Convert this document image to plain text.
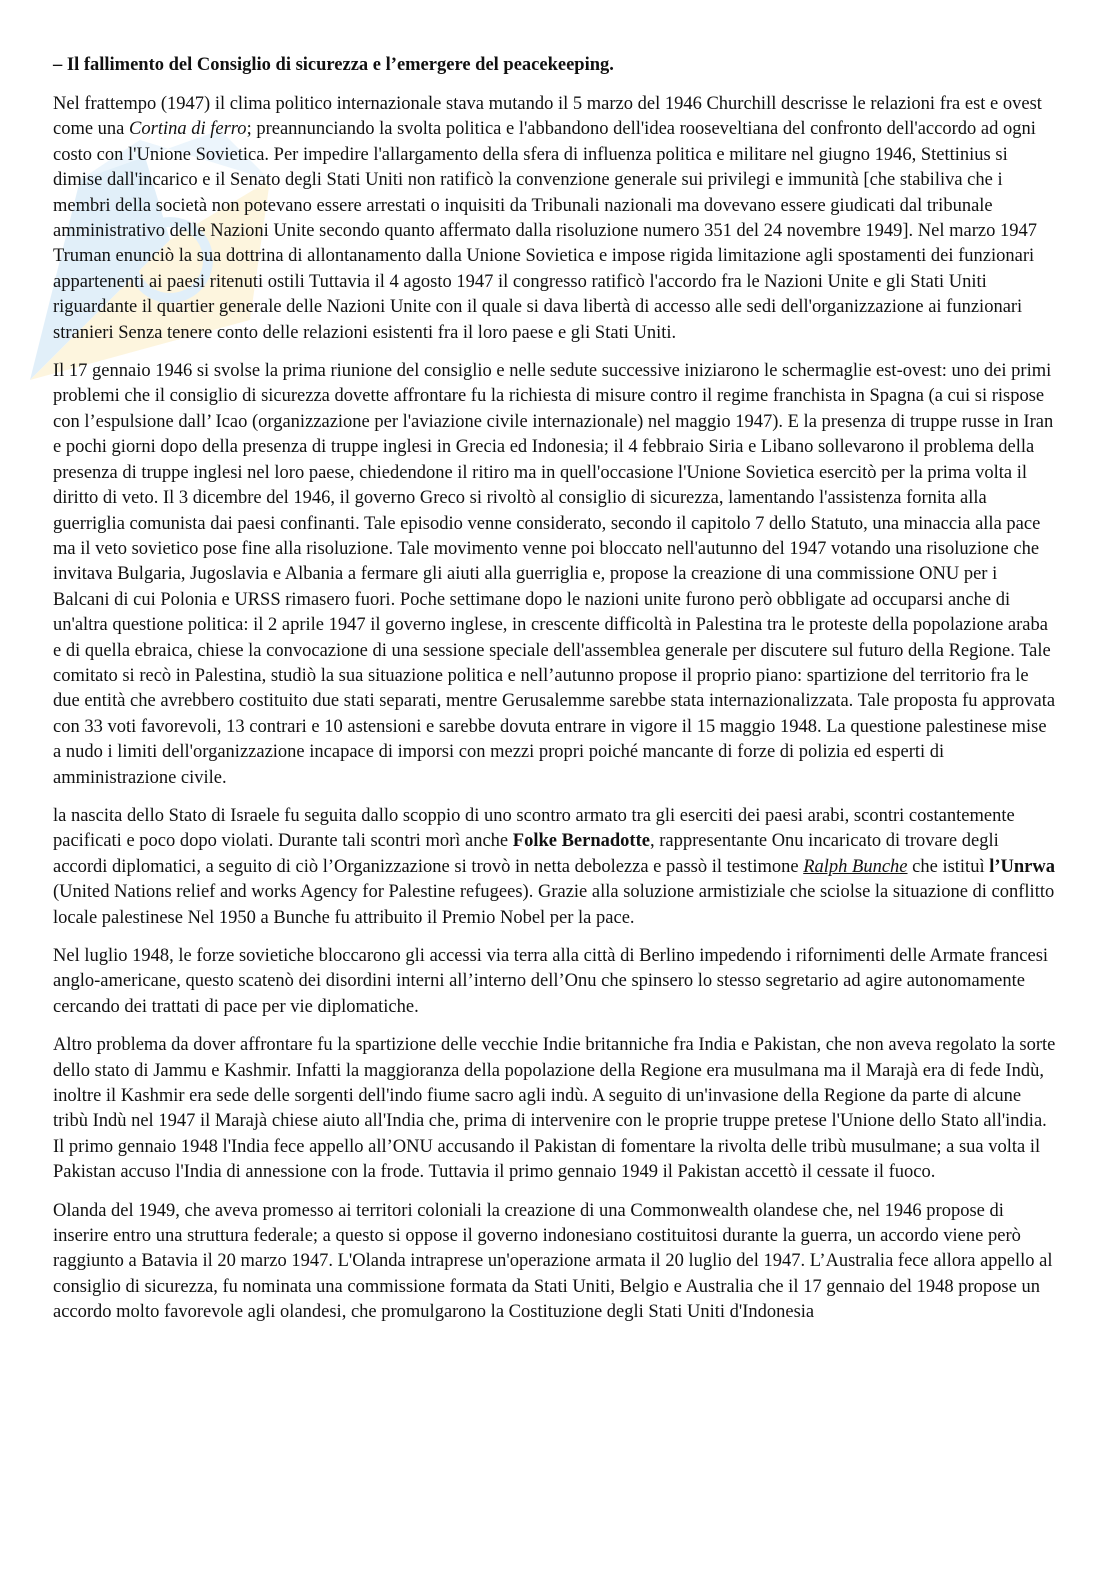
– Il fallimento del Consiglio di sicurezza e l’emergere del peacekeeping.

Nel frattempo (1947) il clima politico internazionale stava mutando il 5 marzo del 1946 Churchill descrisse le relazioni fra est e ovest come una Cortina di ferro; preannunciando la svolta politica e l'abbandono dell'idea rooseveltiana del confronto dell'accordo ad ogni costo con l'Unione Sovietica. Per impedire l'allargamento della sfera di influenza politica e militare nel giugno 1946, Stettinius si dimise dall'incarico e il Senato degli Stati Uniti non ratificò la convenzione generale sui privilegi e immunità [che stabiliva che i membri della società non potevano essere arrestati o inquisiti da Tribunali nazionali ma dovevano essere giudicati dal tribunale amministrativo delle Nazioni Unite secondo quanto affermato dalla risoluzione numero 351 del 24 novembre 1949]. Nel marzo 1947 Truman enunciò la sua dottrina di allontanamento dalla Unione Sovietica e impose rigida limitazione agli spostamenti dei funzionari appartenenti ai paesi ritenuti ostili Tuttavia il 4 agosto 1947 il congresso ratificò l'accordo fra le Nazioni Unite e gli Stati Uniti riguardante il quartier generale delle Nazioni Unite con il quale si dava libertà di accesso alle sedi dell'organizzazione ai funzionari stranieri Senza tenere conto delle relazioni esistenti fra il loro paese e gli Stati Uniti.

Il 17 gennaio 1946 si svolse la prima riunione del consiglio e nelle sedute successive iniziarono le schermaglie est-ovest: uno dei primi problemi che il consiglio di sicurezza dovette affrontare fu la richiesta di misure contro il regime franchista in Spagna (a cui si rispose con l’espulsione dall’ Icao (organizzazione per l'aviazione civile internazionale) nel maggio 1947). E la presenza di truppe russe in Iran e pochi giorni dopo della presenza di truppe inglesi in Grecia ed Indonesia; il 4 febbraio Siria e Libano sollevarono il problema della presenza di truppe inglesi nel loro paese, chiedendone il ritiro ma in quell'occasione l'Unione Sovietica esercitò per la prima volta il diritto di veto. Il 3 dicembre del 1946, il governo Greco si rivoltò al consiglio di sicurezza, lamentando l'assistenza fornita alla guerriglia comunista dai paesi confinanti. Tale episodio venne considerato, secondo il capitolo 7 dello Statuto, una minaccia alla pace ma il veto sovietico pose fine alla risoluzione. Tale movimento venne poi bloccato nell'autunno del 1947 votando una risoluzione che invitava Bulgaria, Jugoslavia e Albania a fermare gli aiuti alla guerriglia e, propose la creazione di una commissione ONU per i Balcani di cui Polonia e URSS rimasero fuori. Poche settimane dopo le nazioni unite furono però obbligate ad occuparsi anche di un'altra questione politica: il 2 aprile 1947 il governo inglese, in crescente difficoltà in Palestina tra le proteste della popolazione araba e di quella ebraica, chiese la convocazione di una sessione speciale dell'assemblea generale per discutere sul futuro della Regione. Tale comitato si recò in Palestina, studiò la sua situazione politica e nell’autunno propose il proprio piano: spartizione del territorio fra le due entità che avrebbero costituito due stati separati, mentre Gerusalemme sarebbe stata internazionalizzata. Tale proposta fu approvata con 33 voti favorevoli, 13 contrari e 10 astensioni e sarebbe dovuta entrare in vigore il 15 maggio 1948. La questione palestinese mise a nudo i limiti dell'organizzazione incapace di imporsi con mezzi propri poiché mancante di forze di polizia ed esperti di amministrazione civile.

la nascita dello Stato di Israele fu seguita dallo scoppio di uno scontro armato tra gli eserciti dei paesi arabi, scontri costantemente pacificati e poco dopo violati. Durante tali scontri morì anche Folke Bernadotte, rappresentante Onu incaricato di trovare degli accordi diplomatici, a seguito di ciò l’Organizzazione si trovò in netta debolezza e passò il testimone Ralph Bunche che istituì l’Unrwa (United Nations relief and works Agency for Palestine refugees). Grazie alla soluzione armistiziale che sciolse la situazione di conflitto locale palestinese Nel 1950 a Bunche fu attribuito il Premio Nobel per la pace.

Nel luglio 1948, le forze sovietiche bloccarono gli accessi via terra alla città di Berlino impedendo i rifornimenti delle Armate francesi anglo-americane, questo scatenò dei disordini interni all’interno dell’Onu che spinsero lo stesso segretario ad agire autonomamente cercando dei trattati di pace per vie diplomatiche.

Altro problema da dover affrontare fu la spartizione delle vecchie Indie britanniche fra India e Pakistan, che non aveva regolato la sorte dello stato di Jammu e Kashmir. Infatti la maggioranza della popolazione della Regione era musulmana ma il Marajà era di fede Indù, inoltre il Kashmir era sede delle sorgenti dell'indo fiume sacro agli indù. A seguito di un'invasione della Regione da parte di alcune tribù Indù nel 1947 il Marajà chiese aiuto all'India che, prima di intervenire con le proprie truppe pretese l'Unione dello Stato all'india. Il primo gennaio 1948 l'India fece appello all’ONU accusando il Pakistan di fomentare la rivolta delle tribù musulmane; a sua volta il Pakistan accuso l'India di annessione con la frode. Tuttavia il primo gennaio 1949 il Pakistan accettò il cessate il fuoco.

Olanda del 1949, che aveva promesso ai territori coloniali la creazione di una Commonwealth olandese che, nel 1946 propose di inserire entro una struttura federale; a questo si oppose il governo indonesiano costituitosi durante la guerra, un accordo viene però raggiunto a Batavia il 20 marzo 1947. L'Olanda intraprese un'operazione armata il 20 luglio del 1947. L’Australia fece allora appello al consiglio di sicurezza, fu nominata una commissione formata da Stati Uniti, Belgio e Australia che il 17 gennaio del 1948 propose un accordo molto favorevole agli olandesi, che promulgarono la Costituzione degli Stati Uniti d'Indonesia
